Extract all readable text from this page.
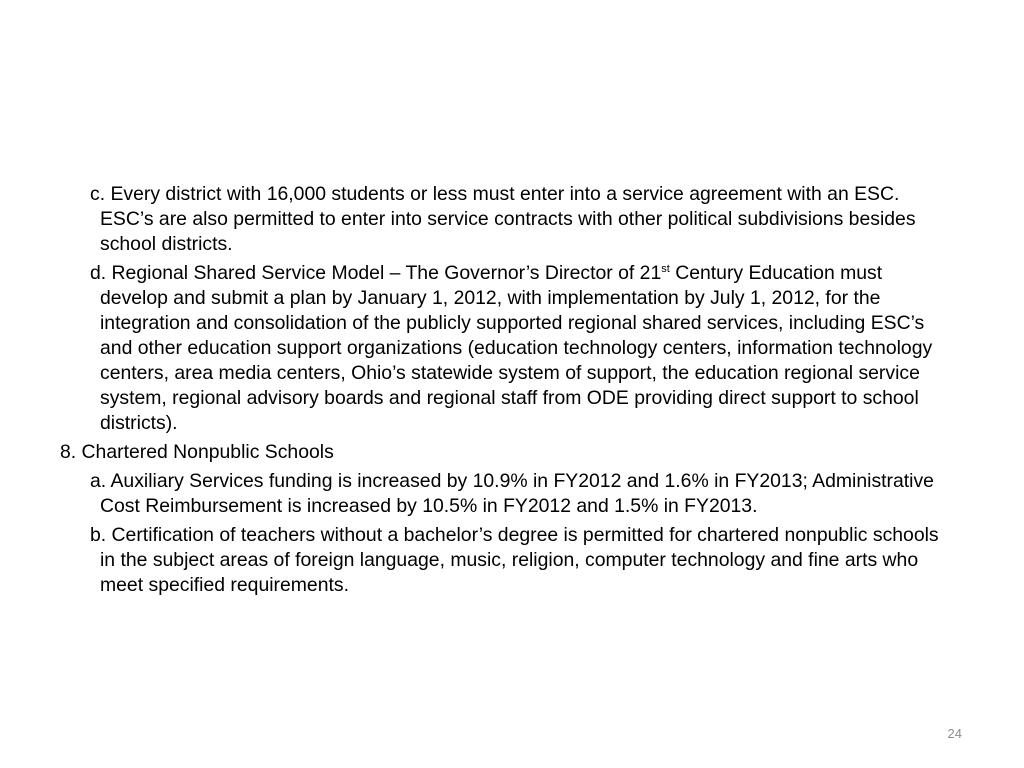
c. Every district with 16,000 students or less must enter into a service agreement with an ESC. ESC’s are also permitted to enter into service contracts with other political subdivisions besides school districts.

d. Regional Shared Service Model – The Governor’s Director of 21st Century Education must develop and submit a plan by January 1, 2012, with implementation by July 1, 2012, for the integration and consolidation of the publicly supported regional shared services, including ESC’s and other education support organizations (education technology centers, information technology centers, area media centers, Ohio’s statewide system of support, the education regional service system, regional advisory boards and regional staff from ODE providing direct support to school districts).

8. Chartered Nonpublic Schools

a. Auxiliary Services funding is increased by 10.9% in FY2012 and 1.6% in FY2013; Administrative Cost Reimbursement is increased by 10.5% in FY2012 and 1.5% in FY2013.

b. Certification of teachers without a bachelor’s degree is permitted for chartered nonpublic schools in the subject areas of foreign language, music, religion, computer technology and fine arts who meet specified requirements.

24
